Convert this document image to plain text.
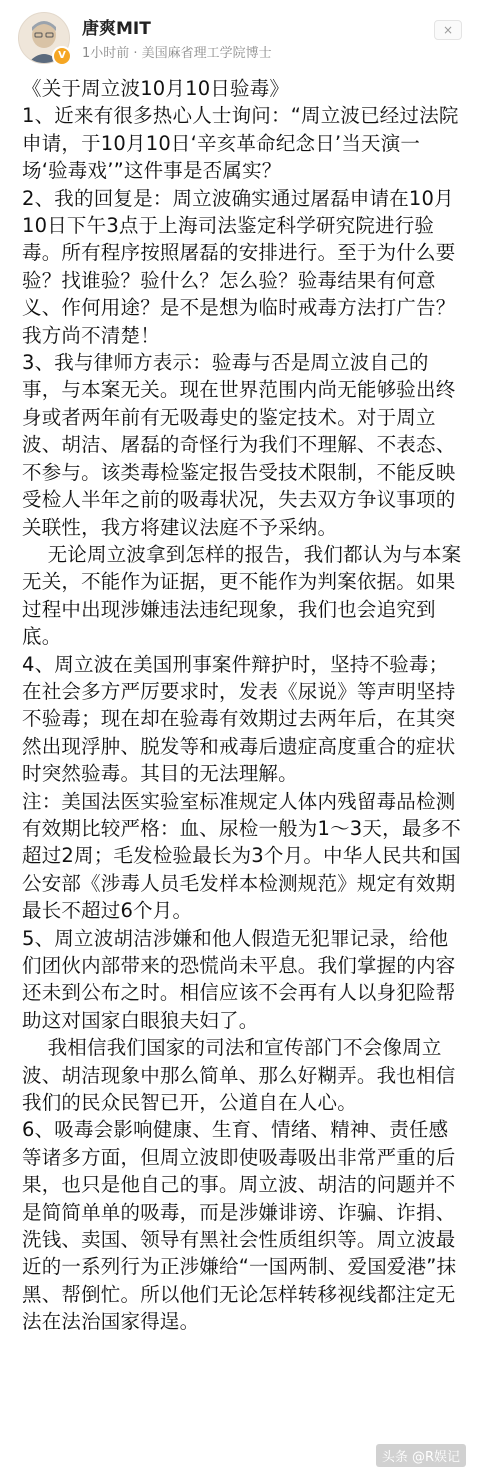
V
唐爽MIT
1小时前 · 美国麻省理工学院博士
×

《关于周立波10月10日验毒》

1、近来有很多热心人士询问：“周立波已经过法院申请，于10月10日‘辛亥革命纪念日’当天演一场‘验毒戏’”这件事是否属实？

2、我的回复是：周立波确实通过屠磊申请在10月10日下午3点于上海司法鉴定科学研究院进行验毒。所有程序按照屠磊的安排进行。至于为什么要验？找谁验？验什么？怎么验？验毒结果有何意义、作何用途？是不是想为临时戒毒方法打广告？我方尚不清楚！

3、我与律师方表示：验毒与否是周立波自己的事，与本案无关。现在世界范围内尚无能够验出终身或者两年前有无吸毒史的鉴定技术。对于周立波、胡洁、屠磊的奇怪行为我们不理解、不表态、不参与。该类毒检鉴定报告受技术限制，不能反映受检人半年之前的吸毒状况，失去双方争议事项的关联性，我方将建议法庭不予采纳。

无论周立波拿到怎样的报告，我们都认为与本案无关，不能作为证据，更不能作为判案依据。如果过程中出现涉嫌违法违纪现象，我们也会追究到底。

4、周立波在美国刑事案件辩护时，坚持不验毒；在社会多方严厉要求时，发表《尿说》等声明坚持不验毒；现在却在验毒有效期过去两年后，在其突然出现浮肿、脱发等和戒毒后遗症高度重合的症状时突然验毒。其目的无法理解。

注：美国法医实验室标准规定人体内残留毒品检测有效期比较严格：血、尿检一般为1～3天，最多不超过2周；毛发检验最长为3个月。中华人民共和国公安部《涉毒人员毛发样本检测规范》规定有效期最长不超过6个月。

5、周立波胡洁涉嫌和他人假造无犯罪记录，给他们团伙内部带来的恐慌尚未平息。我们掌握的内容还未到公布之时。相信应该不会再有人以身犯险帮助这对国家白眼狼夫妇了。

我相信我们国家的司法和宣传部门不会像周立波、胡洁现象中那么简单、那么好糊弄。我也相信我们的民众民智已开，公道自在人心。

6、吸毒会影响健康、生育、情绪、精神、责任感等诸多方面，但周立波即使吸毒吸出非常严重的后果，也只是他自己的事。周立波、胡洁的问题并不是简简单单的吸毒，而是涉嫌诽谤、诈骗、诈捐、洗钱、卖国、领导有黑社会性质组织等。周立波最近的一系列行为正涉嫌给“一国两制、爱国爱港”抹黑、帮倒忙。所以他们无论怎样转移视线都注定无法在法治国家得逞。

头条 @R娱记
